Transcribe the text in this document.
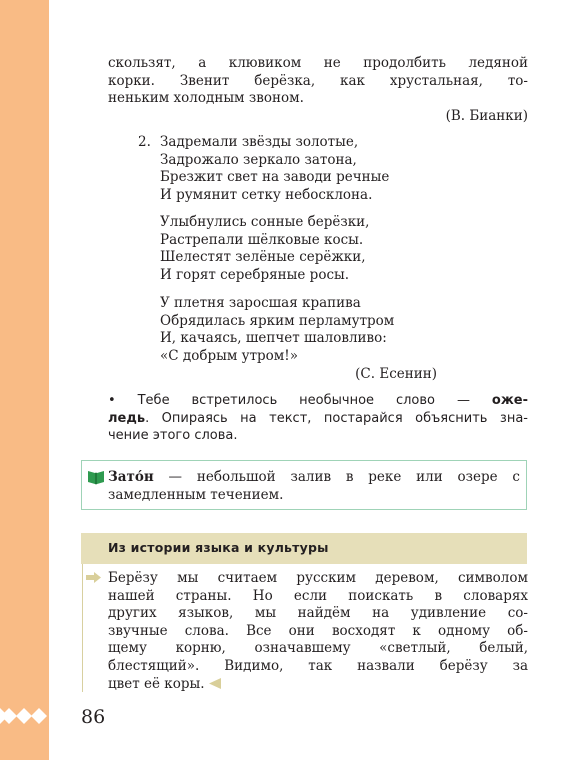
скользят, а клювиком не продолбить ледяной
корки. Звенит берёзка, как хрустальная, то-
неньким холодным звоном.
(В. Бианки)
2. Задремали звёзды золотые,
Задрожало зеркало затона,
Брезжит свет на заводи речные
И румянит сетку небосклона.
Улыбнулись сонные берёзки,
Растрепали шёлковые косы.
Шелестят зелёные серёжки,
И горят серебряные росы.
У плетня заросшая крапива
Обрядилась ярким перламутром
И, качаясь, шепчет шаловливо:
«С добрым утром!»
(С. Есенин)
• Тебе встретилось необычное слово — оже-
ледь. Опираясь на текст, постарайся объяснить зна-
чение этого слова.
Зато́н — небольшой залив в реке или озере с
замедленным течением.
Из истории языка и культуры
Берёзу мы считаем русским деревом, символом
нашей страны. Но если поискать в словарях
других языков, мы найдём на удивление со-
звучные слова. Все они восходят к одному об-
щему корню, означавшему «светлый, белый,
блестящий». Видимо, так назвали берёзу за
цвет её коры.
86
